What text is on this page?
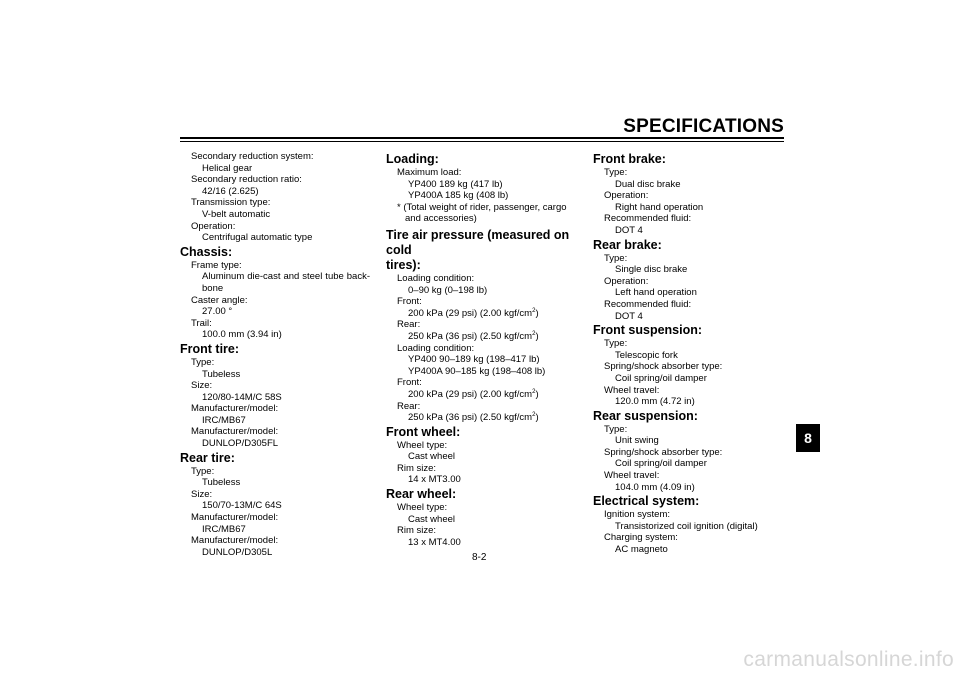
SPECIFICATIONS
Secondary reduction system:
Helical gear
Secondary reduction ratio:
42/16 (2.625)
Transmission type:
V-belt automatic
Operation:
Centrifugal automatic type
Chassis:
Frame type:
Aluminum die-cast and steel tube back-
bone
Caster angle:
27.00 °
Trail:
100.0 mm (3.94 in)
Front tire:
Type:
Tubeless
Size:
120/80-14M/C 58S
Manufacturer/model:
IRC/MB67
Manufacturer/model:
DUNLOP/D305FL
Rear tire:
Type:
Tubeless
Size:
150/70-13M/C 64S
Manufacturer/model:
IRC/MB67
Manufacturer/model:
DUNLOP/D305L
Loading:
Maximum load:
YP400 189 kg (417 lb)
YP400A 185 kg (408 lb)
* (Total weight of rider, passenger, cargo
and accessories)
Tire air pressure (measured on cold
tires):
Loading condition:
0–90 kg (0–198 lb)
Front:
200 kPa (29 psi) (2.00 kgf/$cm^2$)
Rear:
250 kPa (36 psi) (2.50 kgf/$cm^2$)
Loading condition:
YP400 90–189 kg (198–417 lb)
YP400A 90–185 kg (198–408 lb)
Front:
200 kPa (29 psi) (2.00 kgf/$cm^2$)
Rear:
250 kPa (36 psi) (2.50 kgf/$cm^2$)
Front wheel:
Wheel type:
Cast wheel
Rim size:
14 x MT3.00
Rear wheel:
Wheel type:
Cast wheel
Rim size:
13 x MT4.00
Front brake:
Type:
Dual disc brake
Operation:
Right hand operation
Recommended fluid:
DOT 4
Rear brake:
Type:
Single disc brake
Operation:
Left hand operation
Recommended fluid:
DOT 4
Front suspension:
Type:
Telescopic fork
Spring/shock absorber type:
Coil spring/oil damper
Wheel travel:
120.0 mm (4.72 in)
Rear suspension:
Type:
Unit swing
Spring/shock absorber type:
Coil spring/oil damper
Wheel travel:
104.0 mm (4.09 in)
Electrical system:
Ignition system:
Transistorized coil ignition (digital)
Charging system:
AC magneto
8
8-2
carmanualsonline.info
